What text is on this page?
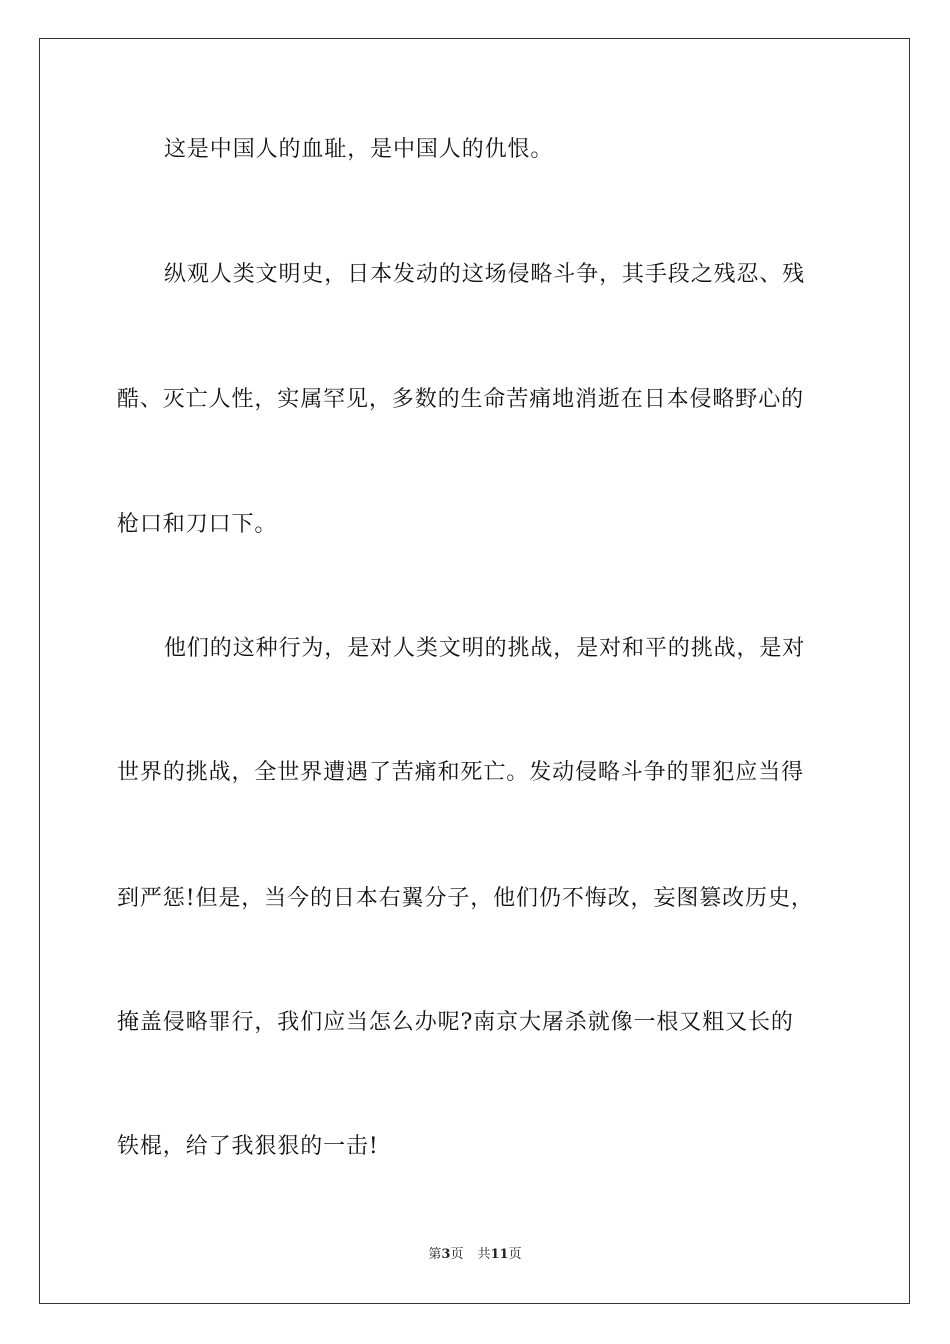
这是中国人的血耻，是中国人的仇恨。
纵观人类文明史，日本发动的这场侵略斗争，其手段之残忍、残
酷、灭亡人性，实属罕见，多数的生命苦痛地消逝在日本侵略野心的
枪口和刀口下。
他们的这种行为，是对人类文明的挑战，是对和平的挑战，是对
世界的挑战，全世界遭遇了苦痛和死亡。发动侵略斗争的罪犯应当得
到严惩!但是，当今的日本右翼分子，他们仍不悔改，妄图篡改历史，
掩盖侵略罪行，我们应当怎么办呢?南京大屠杀就像一根又粗又长的
铁棍，给了我狠狠的一击!
第3页 共11页
